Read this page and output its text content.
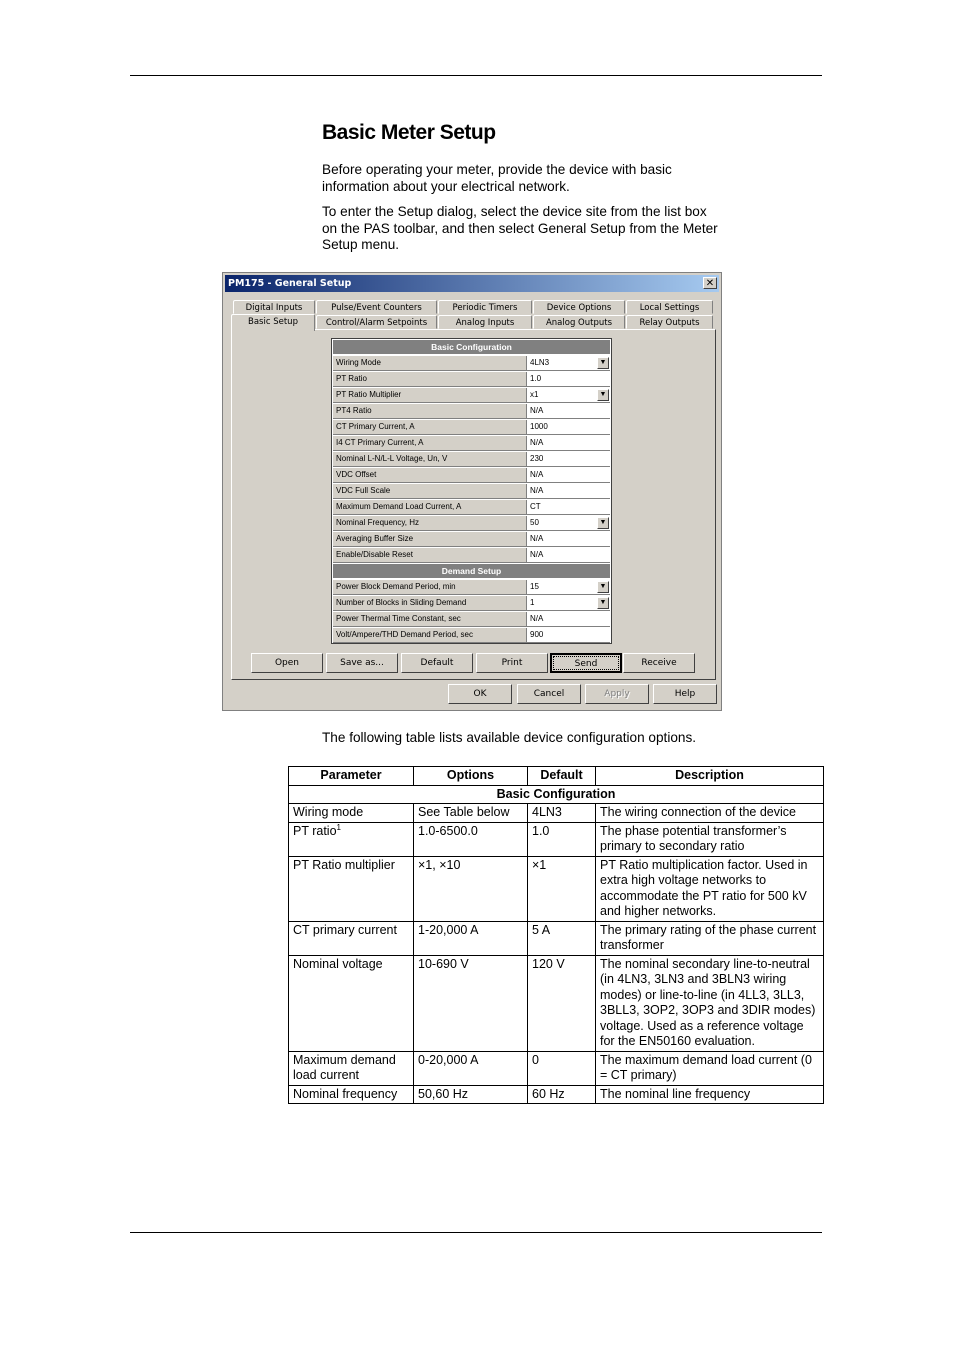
Basic Meter Setup

Before operating your meter, provide the device with basic information about your electrical network.

To enter the Setup dialog, select the device site from the list box on the PAS toolbar, and then select General Setup from the Meter Setup menu.

PM175 - General Setup	✕
Digital Inputs	Pulse/Event Counters	Periodic Timers	Device Options	Local Settings
Basic Setup	Control/Alarm Setpoints	Analog Inputs	Analog Outputs	Relay Outputs
Open	Save as...	Default	Print	Send	Receive
OK	Cancel	Apply	Help
Basic Configuration
Wiring Mode	4LN3	▼
PT Ratio	1.0
PT Ratio Multiplier	x1	▼
PT4 Ratio	N/A
CT Primary Current, A	1000
I4 CT Primary Current, A	N/A
Nominal L-N/L-L Voltage, Un, V	230
VDC Offset	N/A
VDC Full Scale	N/A
Maximum Demand Load Current, A	CT
Nominal Frequency, Hz	50	▼
Averaging Buffer Size	N/A
Enable/Disable Reset	N/A
Demand Setup
Power Block Demand Period, min	15	▼
Number of Blocks in Sliding Demand	1	▼
Power Thermal Time Constant, sec	N/A
Volt/Ampere/THD Demand Period, sec	900

The following table lists available device configuration options.

Parameter	Options	Default	Description
Basic Configuration			
Wiring mode	See Table below	4LN3	The wiring connection of the device
PT ratio$^1$	1.0-6500.0	1.0	The phase potential transformer’s primary to secondary ratio
PT Ratio multiplier	×1, ×10	×1	PT Ratio multiplication factor. Used in extra high voltage networks to accommodate the PT ratio for 500 kV and higher networks.
CT primary current	1-20,000 A	5 A	The primary rating of the phase current transformer
Nominal voltage	10-690 V	120 V	The nominal secondary line-to-neutral (in 4LN3, 3LN3 and 3BLN3 wiring modes) or line-to-line (in 4LL3, 3LL3, 3BLL3, 3OP2, 3OP3 and 3DIR modes) voltage. Used as a reference voltage for the EN50160 evaluation.
Maximum demand load current	0-20,000 A	0	The maximum demand load current (0 = CT primary)
Nominal frequency	50,60 Hz	60 Hz	The nominal line frequency
